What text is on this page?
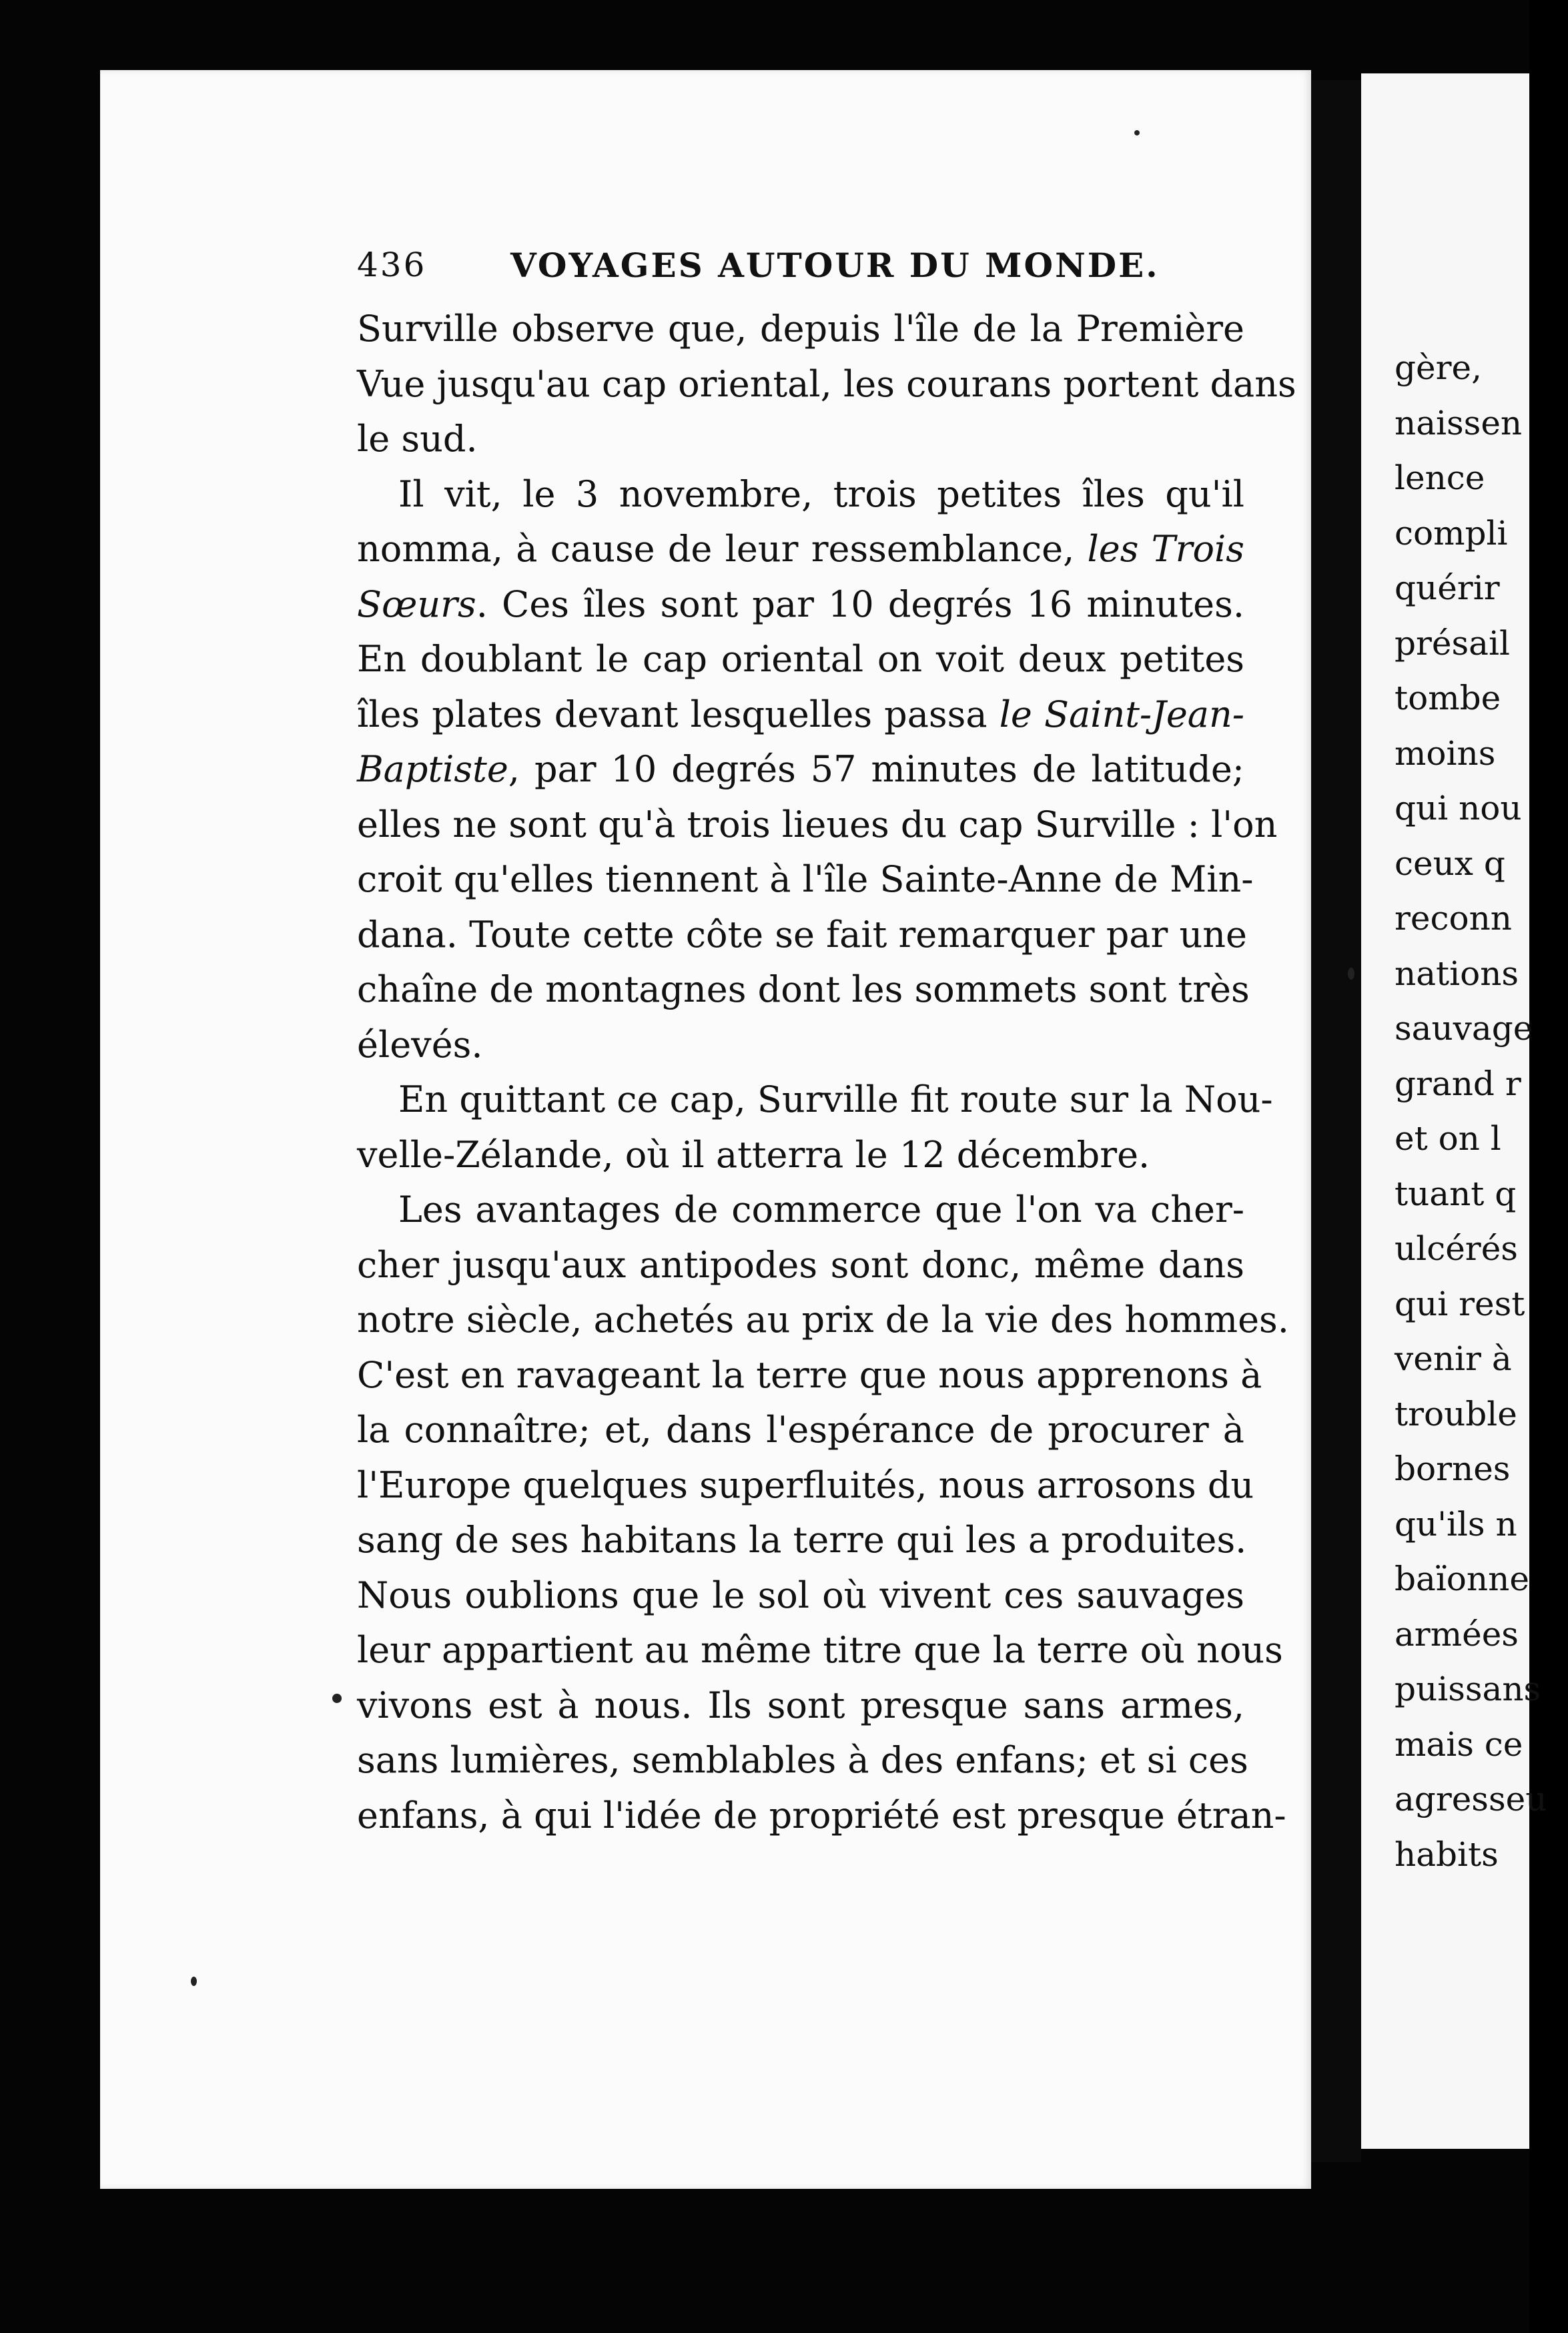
gère,
naissen
lence
compli
quérir
présail
tombe
moins
qui nou
ceux q
reconn
nations
sauvage
grand r
et on l
tuant q
ulcérés
qui rest
venir à
trouble
bornes
qu'ils n
baïonne
armées
puissans
mais ce
agresseu
habits
436	VOYAGES AUTOUR DU MONDE.
Surville observe que, depuis l'île de la Première
Vue jusqu'au cap oriental, les courans portent dans
le sud.
Il vit, le 3 novembre, trois petites îles qu'il
nomma, à cause de leur ressemblance, les Trois
Sœurs. Ces îles sont par 10 degrés 16 minutes.
En doublant le cap oriental on voit deux petites
îles plates devant lesquelles passa le Saint-Jean-
Baptiste, par 10 degrés 57 minutes de latitude;
elles ne sont qu'à trois lieues du cap Surville : l'on
croit qu'elles tiennent à l'île Sainte-Anne de Min-
dana. Toute cette côte se fait remarquer par une
chaîne de montagnes dont les sommets sont très
élevés.
En quittant ce cap, Surville fit route sur la Nou-
velle-Zélande, où il atterra le 12 décembre.
Les avantages de commerce que l'on va cher-
cher jusqu'aux antipodes sont donc, même dans
notre siècle, achetés au prix de la vie des hommes.
C'est en ravageant la terre que nous apprenons à
la connaître; et, dans l'espérance de procurer à
l'Europe quelques superfluités, nous arrosons du
sang de ses habitans la terre qui les a produites.
Nous oublions que le sol où vivent ces sauvages
leur appartient au même titre que la terre où nous
vivons est à nous. Ils sont presque sans armes,
sans lumières, semblables à des enfans; et si ces
enfans, à qui l'idée de propriété est presque étran-
